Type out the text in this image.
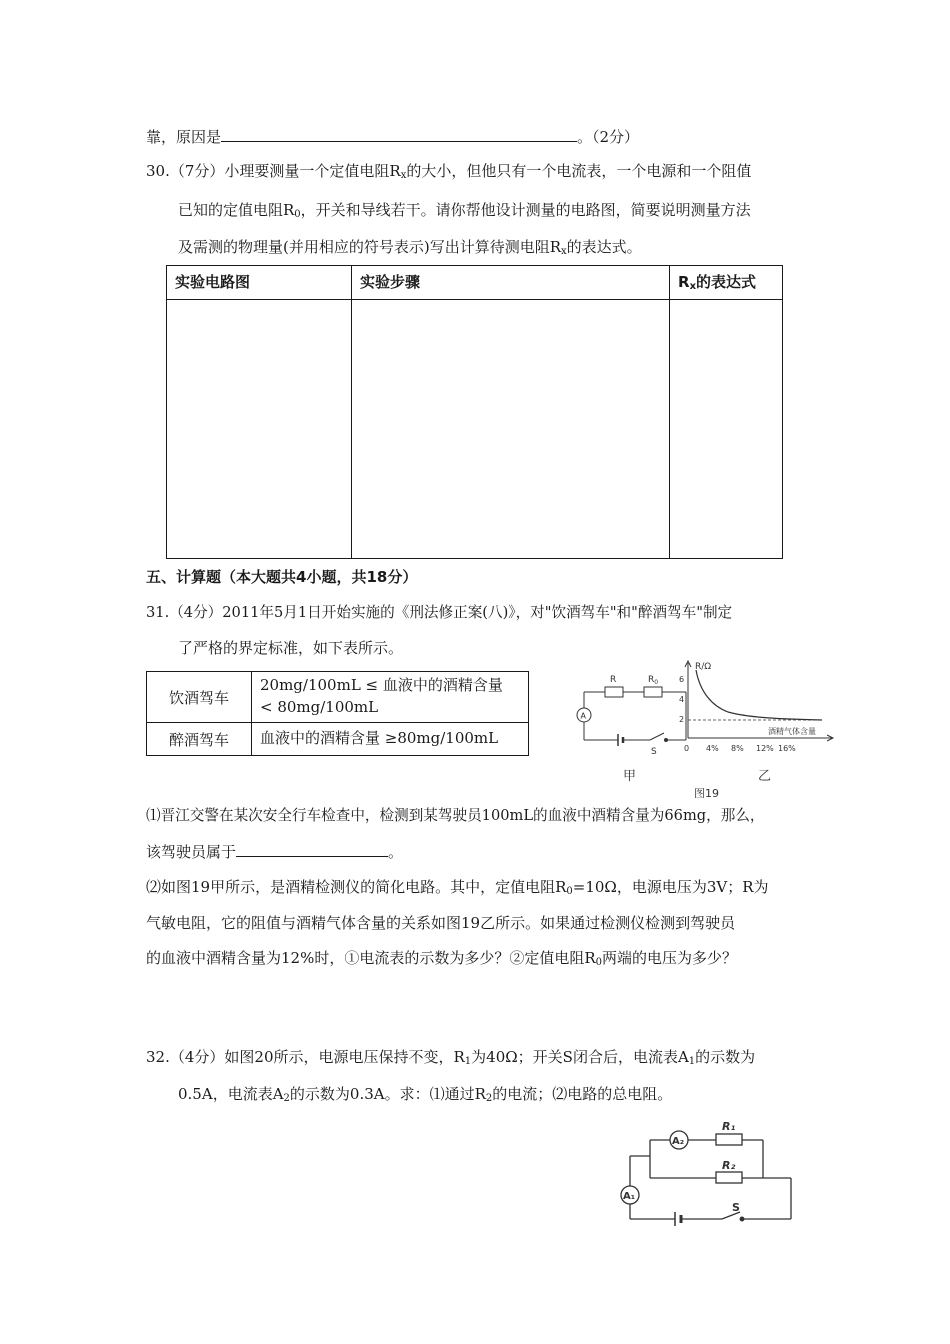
靠，原因是	。（2分）
30.（7分）小理要测量一个定值电阻$R_x$的大小，但他只有一个电流表，一个电源和一个阻值
已知的定值电阻$R_0$，开关和导线若干。请你帮他设计测量的电路图，简要说明测量方法
及需测的物理量(并用相应的符号表示)写出计算待测电阻$R_x$的表达式。
实验电路图	实验步骤	$R_x$的表达式

五、计算题（本大题共4小题，共18分）
31.（4分）2011年5月1日开始实施的《刑法修正案(八)》，对"饮酒驾车"和"醉酒驾车"制定
了严格的界定标准，如下表所示。
饮酒驾车	20mg/100mL ≤ 血液中的酒精含量
< 80mg/100mL

醉酒驾车	血液中的酒精含量 ≥80mg/100mL
R	$R_0$
A
S
甲
R/Ω
6
4
2
酒精气体含量
0 4% 8% 12% 16%
乙
图19
⑴晋江交警在某次安全行车检查中，检测到某驾驶员100mL的血液中酒精含量为66mg，那么，
该驾驶员属于	。
⑵如图19甲所示，是酒精检测仪的简化电路。其中，定值电阻$R_0=10\Omega$，电源电压为3V；R为
气敏电阻，它的阻值与酒精气体含量的关系如图19乙所示。如果通过检测仪检测到驾驶员
的血液中酒精含量为12%时，①电流表的示数为多少？②定值电阻$R_0$两端的电压为多少？
32.（4分）如图20所示，电源电压保持不变，$R_1$为40Ω；开关S闭合后，电流表$A_1$的示数为
0.5A，电流表$A_2$的示数为0.3A。求：⑴通过$R_2$的电流；⑵电路的总电阻。
A₂
A₁
R₁
R₂
S
